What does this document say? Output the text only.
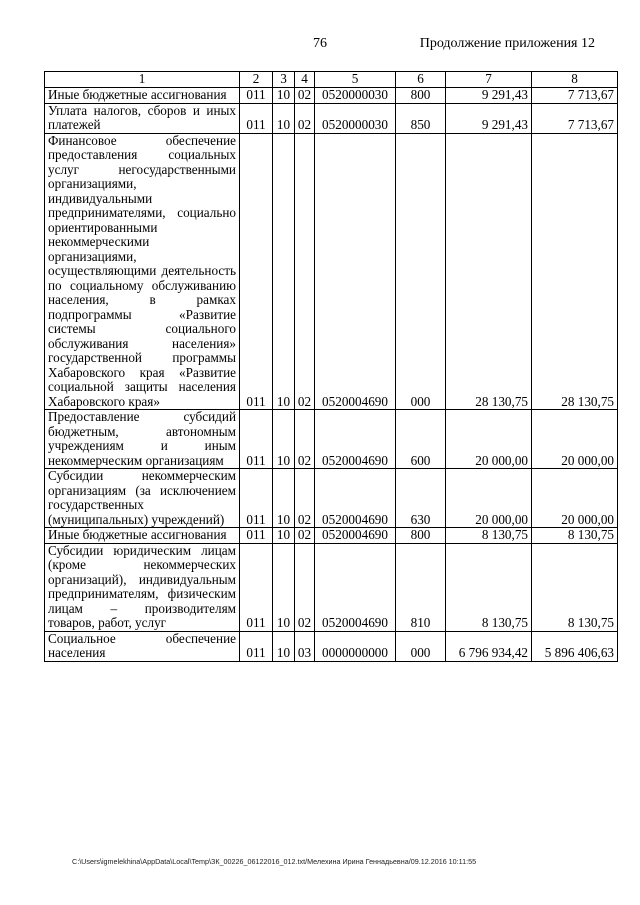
76	Продолжение приложения 12
1	2	3	4	5	6	7	8
Иные бюджетные ассигнования	011	10	02	0520000030	800	9 291,43	7 713,67
Уплата налогов, сборов и иных платежей	011	10	02	0520000030	850	9 291,43	7 713,67
Финансовое обеспечение предоставления социальных услуг негосударственными организациями, индивидуальными предпринимателями, социально ориентированными некоммерческими организациями, осуществляющими деятельность по социальному обслуживанию населения, в рамках подпрограммы «Развитие системы социального обслуживания населения» государственной программы Хабаровского края «Развитие социальной защиты населения Хабаровского края»	011	10	02	0520004690	000	28 130,75	28 130,75
Предоставление субсидий бюджетным, автономным учреждениям и иным некоммерческим организациям	011	10	02	0520004690	600	20 000,00	20 000,00
Субсидии некоммерческим организациям (за исключением государственных (муниципальных) учреждений)	011	10	02	0520004690	630	20 000,00	20 000,00
Иные бюджетные ассигнования	011	10	02	0520004690	800	8 130,75	8 130,75
Субсидии юридическим лицам (кроме некоммерческих организаций), индивидуальным предпринимателям, физическим лицам – производителям товаров, работ, услуг	011	10	02	0520004690	810	8 130,75	8 130,75
Социальное обеспечение населения	011	10	03	0000000000	000	6 796 934,42	5 896 406,63
C:\Users\igmelekhina\AppData\Local\Temp\ЗК_00226_06122016_012.txt/Мелехина Ирина Геннадьевна/09.12.2016 10:11:55
